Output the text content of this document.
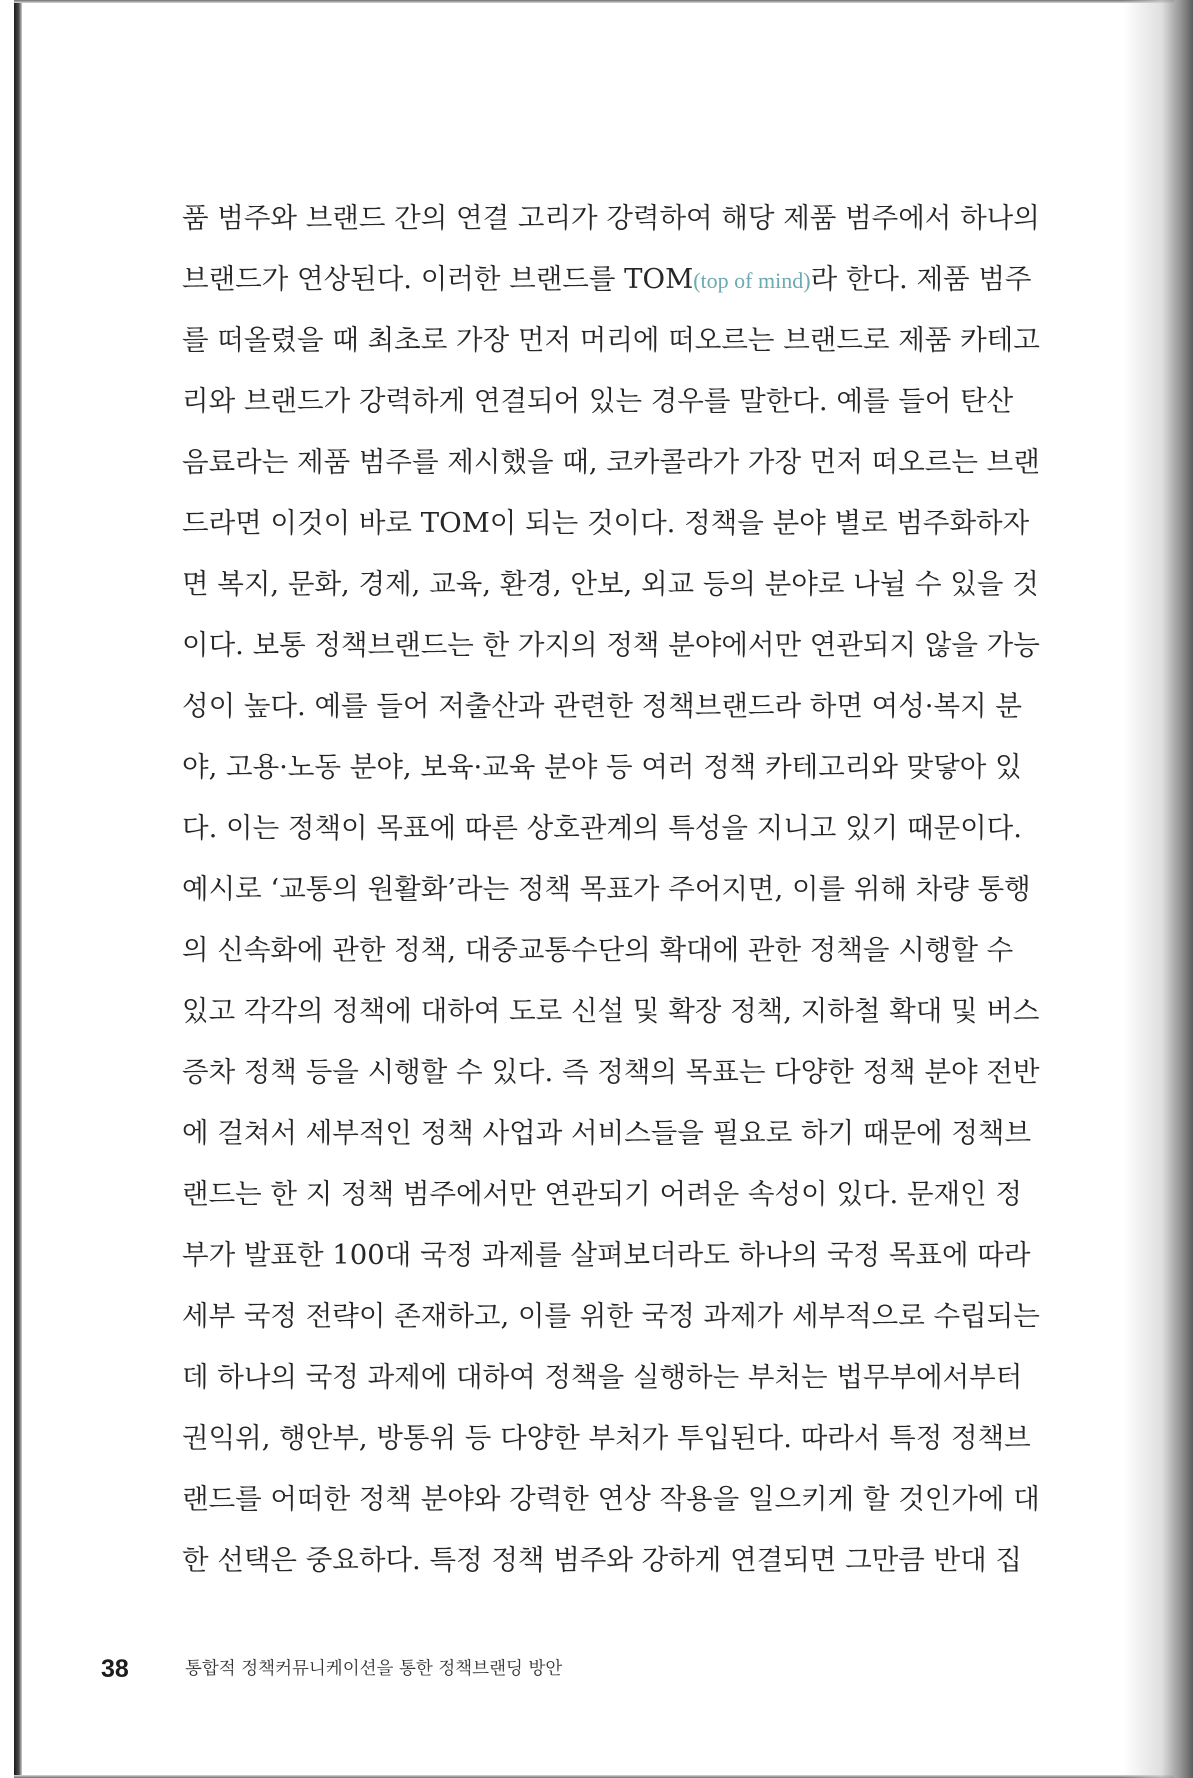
품 범주와 브랜드 간의 연결 고리가 강력하여 해당 제품 범주에서 하나의
브랜드가 연상된다. 이러한 브랜드를 TOM(top of mind)라 한다. 제품 범주
를 떠올렸을 때 최초로 가장 먼저 머리에 떠오르는 브랜드로 제품 카테고
리와 브랜드가 강력하게 연결되어 있는 경우를 말한다. 예를 들어 탄산
음료라는 제품 범주를 제시했을 때, 코카콜라가 가장 먼저 떠오르는 브랜
드라면 이것이 바로 TOM이 되는 것이다. 정책을 분야 별로 범주화하자
면 복지, 문화, 경제, 교육, 환경, 안보, 외교 등의 분야로 나뉠 수 있을 것
이다. 보통 정책브랜드는 한 가지의 정책 분야에서만 연관되지 않을 가능
성이 높다. 예를 들어 저출산과 관련한 정책브랜드라 하면 여성·복지 분
야, 고용·노동 분야, 보육·교육 분야 등 여러 정책 카테고리와 맞닿아 있
다. 이는 정책이 목표에 따른 상호관계의 특성을 지니고 있기 때문이다.
예시로 ‘교통의 원활화’라는 정책 목표가 주어지면, 이를 위해 차량 통행
의 신속화에 관한 정책, 대중교통수단의 확대에 관한 정책을 시행할 수
있고 각각의 정책에 대하여 도로 신설 및 확장 정책, 지하철 확대 및 버스
증차 정책 등을 시행할 수 있다. 즉 정책의 목표는 다양한 정책 분야 전반
에 걸쳐서 세부적인 정책 사업과 서비스들을 필요로 하기 때문에 정책브
랜드는 한 지 정책 범주에서만 연관되기 어려운 속성이 있다. 문재인 정
부가 발표한 100대 국정 과제를 살펴보더라도 하나의 국정 목표에 따라
세부 국정 전략이 존재하고, 이를 위한 국정 과제가 세부적으로 수립되는
데 하나의 국정 과제에 대하여 정책을 실행하는 부처는 법무부에서부터
권익위, 행안부, 방통위 등 다양한 부처가 투입된다. 따라서 특정 정책브
랜드를 어떠한 정책 분야와 강력한 연상 작용을 일으키게 할 것인가에 대
한 선택은 중요하다. 특정 정책 범주와 강하게 연결되면 그만큼 반대 집
38	통합적 정책커뮤니케이션을 통한 정책브랜딩 방안
